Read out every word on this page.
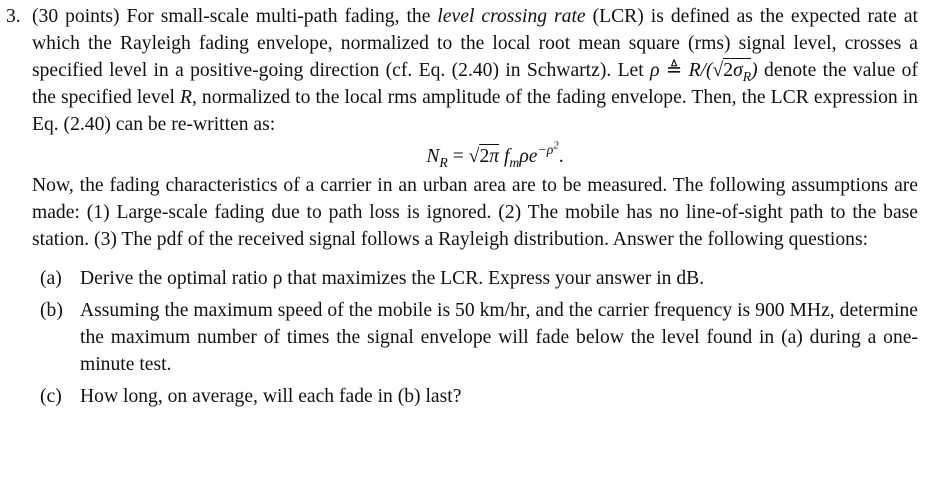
3. (30 points) For small-scale multi-path fading, the level crossing rate (LCR) is defined as the expected rate at which the Rayleigh fading envelope, normalized to the local root mean square (rms) signal level, crosses a specified level in a positive-going direction (cf. Eq. (2.40) in Schwartz). Let ρ ≜ $R/(√2\sigma_R)$ denote the value of the specified level R, normalized to the local rms amplitude of the fading envelope. Then, the LCR expression in Eq. (2.40) can be re-written as:

$N_R = √2\pi$ $f_m\rho e^{-\rho^2}$.

Now, the fading characteristics of a carrier in an urban area are to be measured. The following assumptions are made: (1) Large-scale fading due to path loss is ignored. (2) The mobile has no line-of-sight path to the base station. (3) The pdf of the received signal follows a Rayleigh distribution. Answer the following questions:

(a) Derive the optimal ratio ρ that maximizes the LCR. Express your answer in dB.
(b) Assuming the maximum speed of the mobile is 50 km/hr, and the carrier frequency is 900 MHz, determine the maximum number of times the signal envelope will fade below the level found in (a) during a one-minute test.
(c) How long, on average, will each fade in (b) last?
